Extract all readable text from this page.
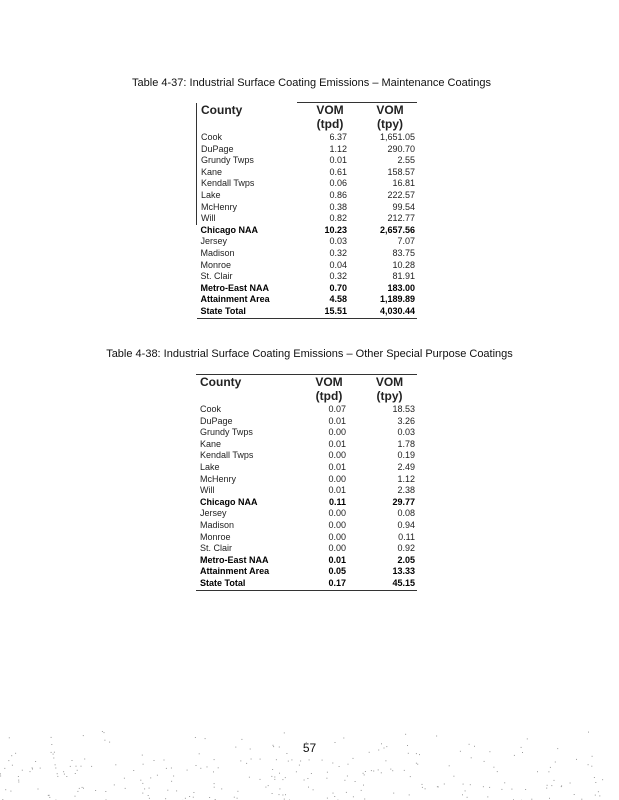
Table 4-37: Industrial Surface Coating Emissions – Maintenance Coatings
County	VOM	VOM
	(tpd)	(tpy)
Cook	6.37	1,651.05
DuPage	1.12	290.70
Grundy Twps	0.01	2.55
Kane	0.61	158.57
Kendall Twps	0.06	16.81
Lake	0.86	222.57
McHenry	0.38	99.54
Will	0.82	212.77
Chicago NAA	10.23	2,657.56
Jersey	0.03	7.07
Madison	0.32	83.75
Monroe	0.04	10.28
St. Clair	0.32	81.91
Metro-East NAA	0.70	183.00
Attainment Area	4.58	1,189.89
State Total	15.51	4,030.44
Table 4-38: Industrial Surface Coating Emissions – Other Special Purpose Coatings
County	VOM	VOM
	(tpd)	(tpy)
Cook	0.07	18.53
DuPage	0.01	3.26
Grundy Twps	0.00	0.03
Kane	0.01	1.78
Kendall Twps	0.00	0.19
Lake	0.01	2.49
McHenry	0.00	1.12
Will	0.01	2.38
Chicago NAA	0.11	29.77
Jersey	0.00	0.08
Madison	0.00	0.94
Monroe	0.00	0.11
St. Clair	0.00	0.92
Metro-East NAA	0.01	2.05
Attainment Area	0.05	13.33
State Total	0.17	45.15
57
